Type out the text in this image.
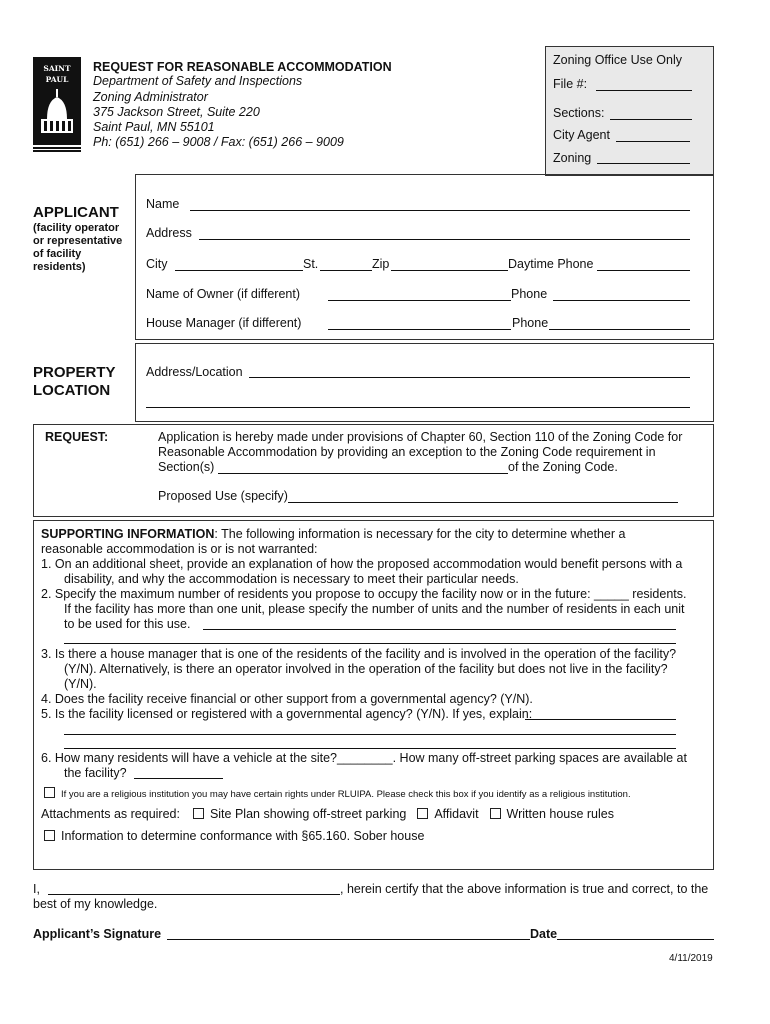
SAINT
PAUL
REQUEST FOR REASONABLE ACCOMMODATION
Department of Safety and Inspections
Zoning Administrator
375 Jackson Street, Suite 220
Saint Paul, MN 55101
Ph: (651) 266 – 9008 / Fax: (651) 266 – 9009
Zoning Office Use Only
File #:
Sections:
City Agent
Zoning
APPLICANT
(facility operator
or representative
of facility
residents)
Name
Address
City	St.	Zip	Daytime Phone
Name of Owner (if different)	Phone
House Manager (if different)	Phone
PROPERTY
LOCATION
Address/Location
REQUEST:	Application is hereby made under provisions of Chapter 60, Section 110 of the Zoning Code for
Reasonable Accommodation by providing an exception to the Zoning Code requirement in
Section(s)	of the Zoning Code.
Proposed Use (specify)
SUPPORTING INFORMATION: The following information is necessary for the city to determine whether a
reasonable accommodation is or is not warranted:
1. On an additional sheet, provide an explanation of how the proposed accommodation would benefit persons with a
disability, and why the accommodation is necessary to meet their particular needs.
2. Specify the maximum number of residents you propose to occupy the facility now or in the future: _____ residents.
If the facility has more than one unit, please specify the number of units and the number of residents in each unit
to be used for this use.
3. Is there a house manager that is one of the residents of the facility and is involved in the operation of the facility?
(Y/N). Alternatively, is there an operator involved in the operation of the facility but does not live in the facility?
(Y/N).
4. Does the facility receive financial or other support from a governmental agency? (Y/N).
5. Is the facility licensed or registered with a governmental agency? (Y/N). If yes, explain:
6. How many residents will have a vehicle at the site?________. How many off-street parking spaces are available at
the facility?
If you are a religious institution you may have certain rights under RLUIPA. Please check this box if you identify as a religious institution.
Attachments as required: Site Plan showing off-street parking Affidavit Written house rules
Information to determine conformance with §65.160. Sober house
I,	, herein certify that the above information is true and correct, to the
best of my knowledge.
Applicant’s Signature	Date
4/11/2019
